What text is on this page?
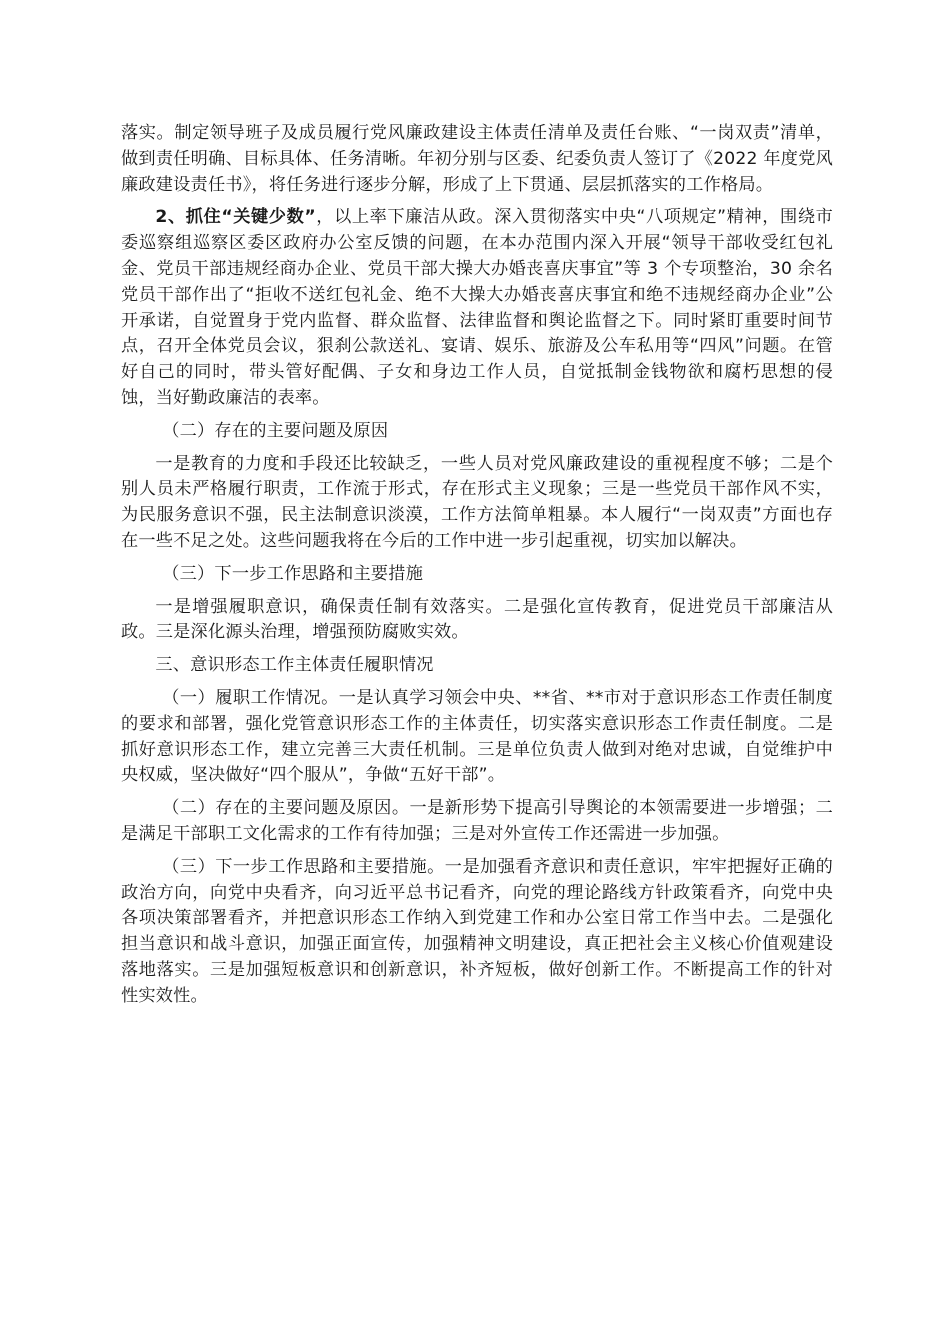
落实。制定领导班子及成员履行党风廉政建设主体责任清单及责任台账、“一岗双责”清单，做到责任明确、目标具体、任务清晰。年初分别与区委、纪委负责人签订了《2022 年度党风廉政建设责任书》，将任务进行逐步分解，形成了上下贯通、层层抓落实的工作格局。

2、抓住“关键少数”，以上率下廉洁从政。深入贯彻落实中央“八项规定”精神，围绕市委巡察组巡察区委区政府办公室反馈的问题，在本办范围内深入开展“领导干部收受红包礼金、党员干部违规经商办企业、党员干部大操大办婚丧喜庆事宜”等 3 个专项整治，30 余名党员干部作出了“拒收不送红包礼金、绝不大操大办婚丧喜庆事宜和绝不违规经商办企业”公开承诺，自觉置身于党内监督、群众监督、法律监督和舆论监督之下。同时紧盯重要时间节点，召开全体党员会议，狠刹公款送礼、宴请、娱乐、旅游及公车私用等“四风”问题。在管好自己的同时，带头管好配偶、子女和身边工作人员，自觉抵制金钱物欲和腐朽思想的侵蚀，当好勤政廉洁的表率。

（二）存在的主要问题及原因

一是教育的力度和手段还比较缺乏，一些人员对党风廉政建设的重视程度不够；二是个别人员未严格履行职责，工作流于形式，存在形式主义现象；三是一些党员干部作风不实，为民服务意识不强，民主法制意识淡漠，工作方法简单粗暴。本人履行“一岗双责”方面也存在一些不足之处。这些问题我将在今后的工作中进一步引起重视，切实加以解决。

（三）下一步工作思路和主要措施

一是增强履职意识，确保责任制有效落实。二是强化宣传教育，促进党员干部廉洁从政。三是深化源头治理，增强预防腐败实效。

三、意识形态工作主体责任履职情况

（一）履职工作情况。一是认真学习领会中央、**省、**市对于意识形态工作责任制度的要求和部署，强化党管意识形态工作的主体责任，切实落实意识形态工作责任制度。二是抓好意识形态工作，建立完善三大责任机制。三是单位负责人做到对绝对忠诚，自觉维护中央权威，坚决做好“四个服从”，争做“五好干部”。

（二）存在的主要问题及原因。一是新形势下提高引导舆论的本领需要进一步增强；二是满足干部职工文化需求的工作有待加强；三是对外宣传工作还需进一步加强。

（三）下一步工作思路和主要措施。一是加强看齐意识和责任意识，牢牢把握好正确的政治方向，向党中央看齐，向习近平总书记看齐，向党的理论路线方针政策看齐，向党中央各项决策部署看齐，并把意识形态工作纳入到党建工作和办公室日常工作当中去。二是强化担当意识和战斗意识，加强正面宣传，加强精神文明建设，真正把社会主义核心价值观建设落地落实。三是加强短板意识和创新意识，补齐短板，做好创新工作。不断提高工作的针对性实效性。
